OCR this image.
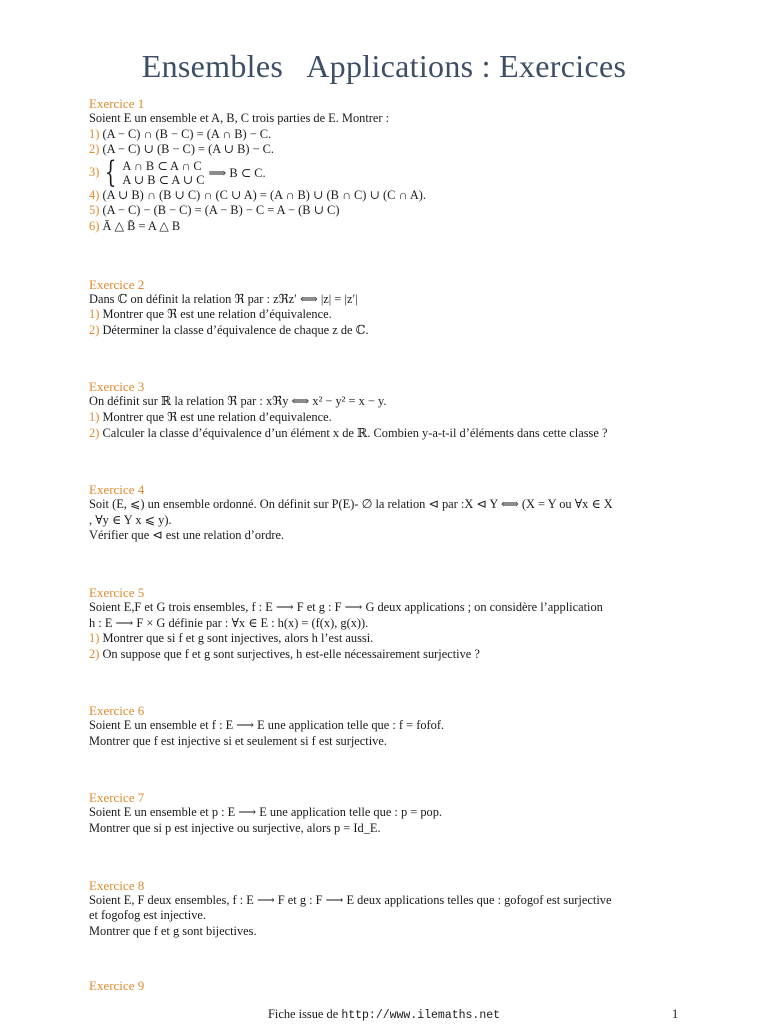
Ensembles   Applications : Exercices
Exercice 1

Soient E un ensemble et A, B, C trois parties de E. Montrer :

1) (A − C) ∩ (B − C) = (A ∩ B) − C.

2) (A − C) ∪ (B − C) = (A ∪ B) − C.

3) { A ∩ B ⊂ A ∩ C
A ∪ B ⊂ A ∪ C ⟹ B ⊂ C.

4) (A ∪ B) ∩ (B ∪ C) ∩ (C ∪ A) = (A ∩ B) ∪ (B ∩ C) ∪ (C ∩ A).

5) (A − C) − (B − C) = (A − B) − C = A − (B ∪ C)

6) Ā △ B̄ = A △ B

Exercice 2

Dans ℂ on définit la relation ℜ par : zℜz′ ⟺ |z| = |z′|

1) Montrer que ℜ est une relation d’équivalence.

2) Déterminer la classe d’équivalence de chaque z de ℂ.

Exercice 3

On définit sur ℝ la relation ℜ par : xℜy ⟺ x² − y² = x − y.

1) Montrer que ℜ est une relation d’equivalence.

2) Calculer la classe d’équivalence d’un élément x de ℝ. Combien y-a-t-il d’éléments dans cette classe ?

Exercice 4

Soit (E, ⩽) un ensemble ordonné. On définit sur P(E)- ∅ la relation ⊲ par :X ⊲ Y ⟺ (X = Y ou ∀x ∈ X

, ∀y ∈ Y x ⩽ y).

Vérifier que ⊲ est une relation d’ordre.

Exercice 5

Soient E,F et G trois ensembles, f : E ⟶ F et g : F ⟶ G deux applications ; on considère l’application

h : E ⟶ F × G définie par : ∀x ∈ E : h(x) = (f(x), g(x)).

1) Montrer que si f et g sont injectives, alors h l’est aussi.

2) On suppose que f et g sont surjectives, h est-elle nécessairement surjective ?

Exercice 6

Soient E un ensemble et f : E ⟶ E une application telle que : f = fofof.

Montrer que f est injective si et seulement si f est surjective.

Exercice 7

Soient E un ensemble et p : E ⟶ E une application telle que : p = pop.

Montrer que si p est injective ou surjective, alors p = Id_E.

Exercice 8

Soient E, F deux ensembles, f : E ⟶ F et g : F ⟶ E deux applications telles que : gofogof est surjective

et fogofog est injective.

Montrer que f et g sont bijectives.

Exercice 9
Fiche issue de http://www.ilemaths.net	1
